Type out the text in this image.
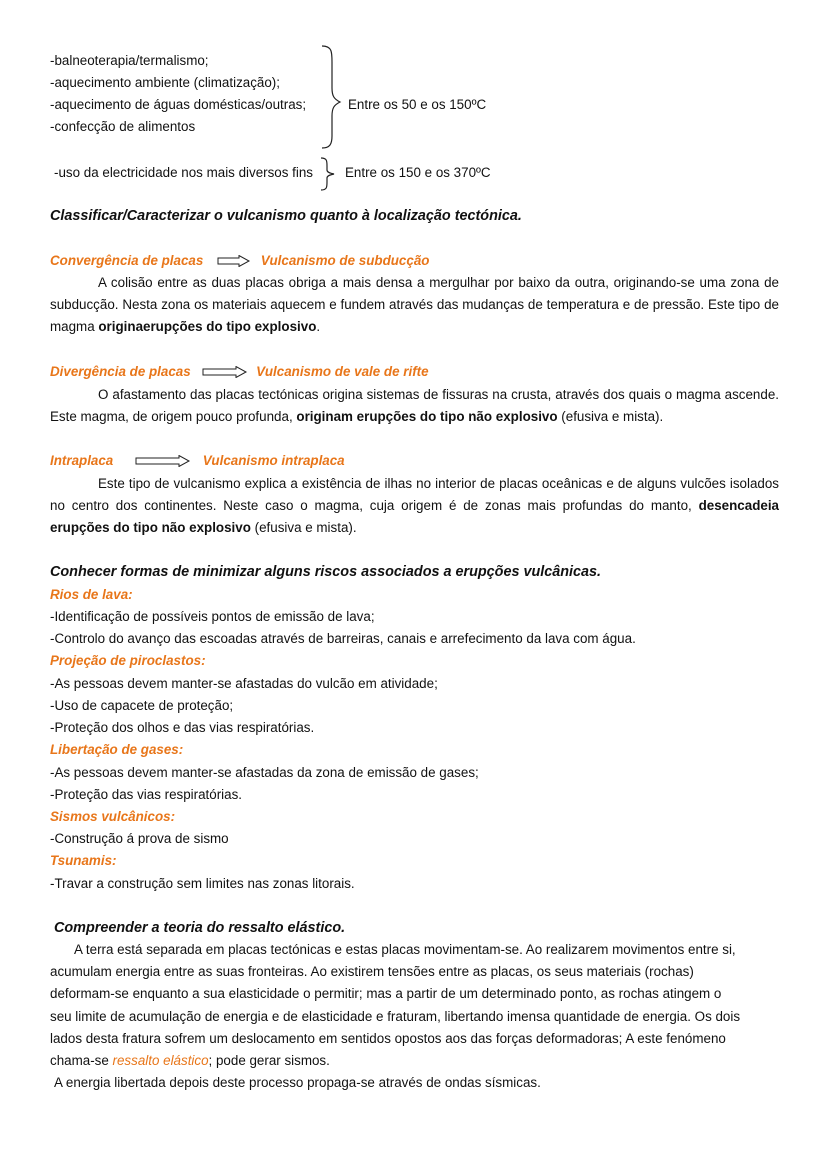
-balneoterapia/termalismo;
-aquecimento ambiente (climatização);
-aquecimento de águas domésticas/outras;
-confecção de alimentos
Entre os 50 e os 150ºC
-uso da electricidade nos mais diversos fins Entre os 150 e os 370ºC
Classificar/Caracterizar o vulcanismo quanto à localização tectónica.
Convergência de placas	Vulcanismo de subducção

A colisão entre as duas placas obriga a mais densa a mergulhar por baixo da outra, originando-se uma zona de subducção. Nesta zona os materiais aquecem e fundem através das mudanças de temperatura e de pressão. Este tipo de magma originaerupções do tipo explosivo.

Divergência de placas	Vulcanismo de vale de rifte

O afastamento das placas tectónicas origina sistemas de fissuras na crusta, através dos quais o magma ascende. Este magma, de origem pouco profunda, originam erupções do tipo não explosivo (efusiva e mista).

Intraplaca	Vulcanismo intraplaca

Este tipo de vulcanismo explica a existência de ilhas no interior de placas oceânicas e de alguns vulcões isolados no centro dos continentes. Neste caso o magma, cuja origem é de zonas mais profundas do manto, desencadeia erupções do tipo não explosivo (efusiva e mista).

Conhecer formas de minimizar alguns riscos associados a erupções vulcânicas.
Rios de lava:
-Identificação de possíveis pontos de emissão de lava;
-Controlo do avanço das escoadas através de barreiras, canais e arrefecimento da lava com água.
Projeção de piroclastos:
-As pessoas devem manter-se afastadas do vulcão em atividade;
-Uso de capacete de proteção;
-Proteção dos olhos e das vias respiratórias.
Libertação de gases:
-As pessoas devem manter-se afastadas da zona de emissão de gases;
-Proteção das vias respiratórias.
Sismos vulcânicos:
-Construção á prova de sismo
Tsunamis:
-Travar a construção sem limites nas zonas litorais.
Compreender a teoria do ressalto elástico.
A terra está separada em placas tectónicas e estas placas movimentam-se. Ao realizarem movimentos entre si,
acumulam energia entre as suas fronteiras. Ao existirem tensões entre as placas, os seus materiais (rochas)
deformam-se enquanto a sua elasticidade o permitir; mas a partir de um determinado ponto, as rochas atingem o
seu limite de acumulação de energia e de elasticidade e fraturam, libertando imensa quantidade de energia. Os dois
lados desta fratura sofrem um deslocamento em sentidos opostos aos das forças deformadoras; A este fenómeno
chama-se ressalto elástico; pode gerar sismos.
A energia libertada depois deste processo propaga-se através de ondas sísmicas.
